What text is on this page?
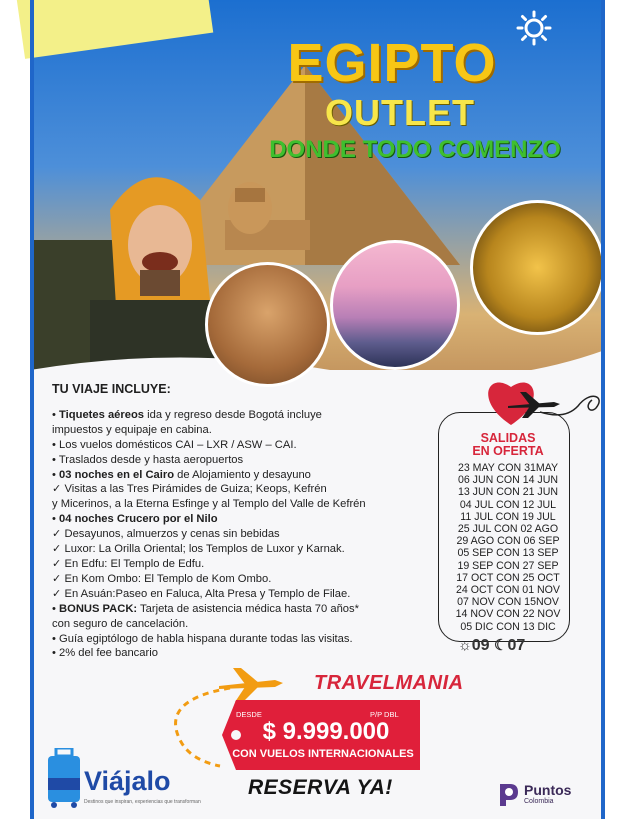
EGIPTO
OUTLET
DONDE TODO COMENZO
TU VIAJE INCLUYE:
• Tiquetes aéreos ida y regreso desde Bogotá incluye
impuestos y equipaje en cabina.
• Los vuelos domésticos CAI – LXR / ASW – CAI.
• Traslados desde y hasta aeropuertos
• 03 noches en el Cairo de Alojamiento y desayuno
✓ Visitas a las Tres Pirámides de Guiza; Keops, Kefrén
y Micerinos, a la Eterna Esfinge y al Templo del Valle de Kefrén
• 04 noches Crucero por el Nilo
✓ Desayunos, almuerzos y cenas sin bebidas
✓ Luxor: La Orilla Oriental; los Templos de Luxor y Karnak.
✓ En Edfu: El Templo de Edfu.
✓ En Kom Ombo: El Templo de Kom Ombo.
✓ En Asuán:Paseo en Faluca, Alta Presa y Templo de Filae.
• BONUS PACK: Tarjeta de asistencia médica hasta 70 años*
con seguro de cancelación.
• Guía egiptólogo de habla hispana durante todas las visitas.
• 2% del fee bancario
SALIDAS
EN OFERTA
23 MAY CON 31MAY
06 JUN CON 14 JUN
13 JUN CON 21 JUN
04 JUL CON 12 JUL
11 JUL CON 19 JUL
25 JUL CON 02 AGO
29 AGO CON 06 SEP
05 SEP CON 13 SEP
19 SEP CON 27 SEP
17 OCT CON 25 OCT
24 OCT CON 01 NOV
07 NOV CON 15NOV
14 NOV CON 22 NOV
05 DIC CON 13 DIC
☼09 ☾07
TRAVELMANIA
DESDE	P/P DBL
$ 9.999.000
CON VUELOS INTERNACIONALES
RESERVA YA!
Viájalo
Destinos que inspiran, experiencias que transforman
Puntos
Colombia
